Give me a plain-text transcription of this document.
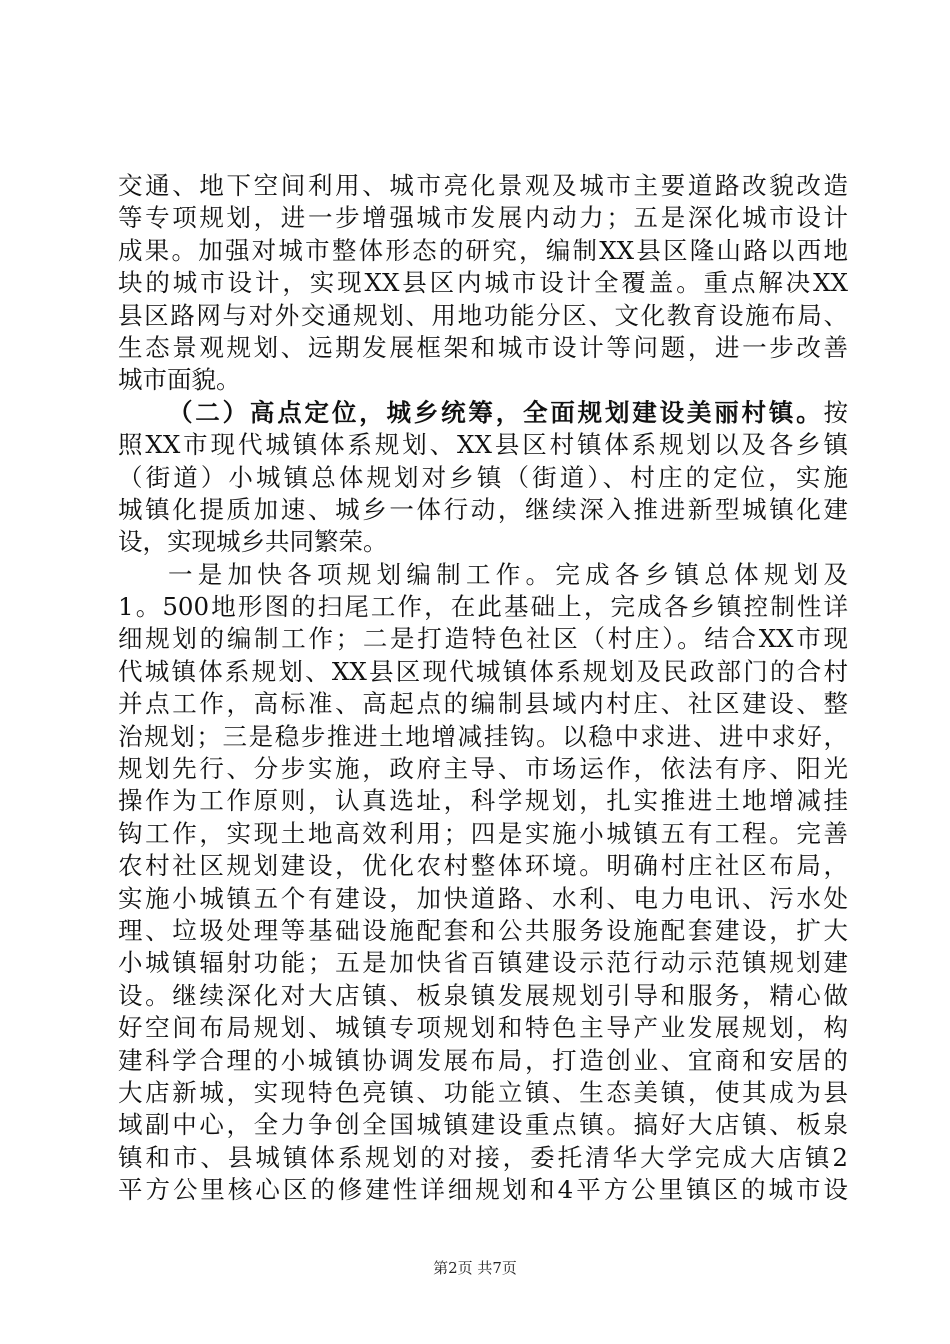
交通、地下空间利用、城市亮化景观及城市主要道路改貌改造
等专项规划，进一步增强城市发展内动力；五是深化城市设计
成果。加强对城市整体形态的研究，编制XX县区隆山路以西地
块的城市设计，实现XX县区内城市设计全覆盖。重点解决XX
县区路网与对外交通规划、用地功能分区、文化教育设施布局、
生态景观规划、远期发展框架和城市设计等问题，进一步改善
城市面貌。
（二）高点定位，城乡统筹，全面规划建设美丽村镇。按
照XX市现代城镇体系规划、XX县区村镇体系规划以及各乡镇
（街道）小城镇总体规划对乡镇（街道）、村庄的定位，实施
城镇化提质加速、城乡一体行动，继续深入推进新型城镇化建
设，实现城乡共同繁荣。
一是加快各项规划编制工作。完成各乡镇总体规划及
1。500地形图的扫尾工作，在此基础上，完成各乡镇控制性详
细规划的编制工作；二是打造特色社区（村庄）。结合XX市现
代城镇体系规划、XX县区现代城镇体系规划及民政部门的合村
并点工作，高标准、高起点的编制县域内村庄、社区建设、整
治规划；三是稳步推进土地增减挂钩。以稳中求进、进中求好，
规划先行、分步实施，政府主导、市场运作，依法有序、阳光
操作为工作原则，认真选址，科学规划，扎实推进土地增减挂
钩工作，实现土地高效利用；四是实施小城镇五有工程。完善
农村社区规划建设，优化农村整体环境。明确村庄社区布局，
实施小城镇五个有建设，加快道路、水利、电力电讯、污水处
理、垃圾处理等基础设施配套和公共服务设施配套建设，扩大
小城镇辐射功能；五是加快省百镇建设示范行动示范镇规划建
设。继续深化对大店镇、板泉镇发展规划引导和服务，精心做
好空间布局规划、城镇专项规划和特色主导产业发展规划，构
建科学合理的小城镇协调发展布局，打造创业、宜商和安居的
大店新城，实现特色亮镇、功能立镇、生态美镇，使其成为县
域副中心，全力争创全国城镇建设重点镇。搞好大店镇、板泉
镇和市、县城镇体系规划的对接，委托清华大学完成大店镇2
平方公里核心区的修建性详细规划和4平方公里镇区的城市设
第2页 共7页
